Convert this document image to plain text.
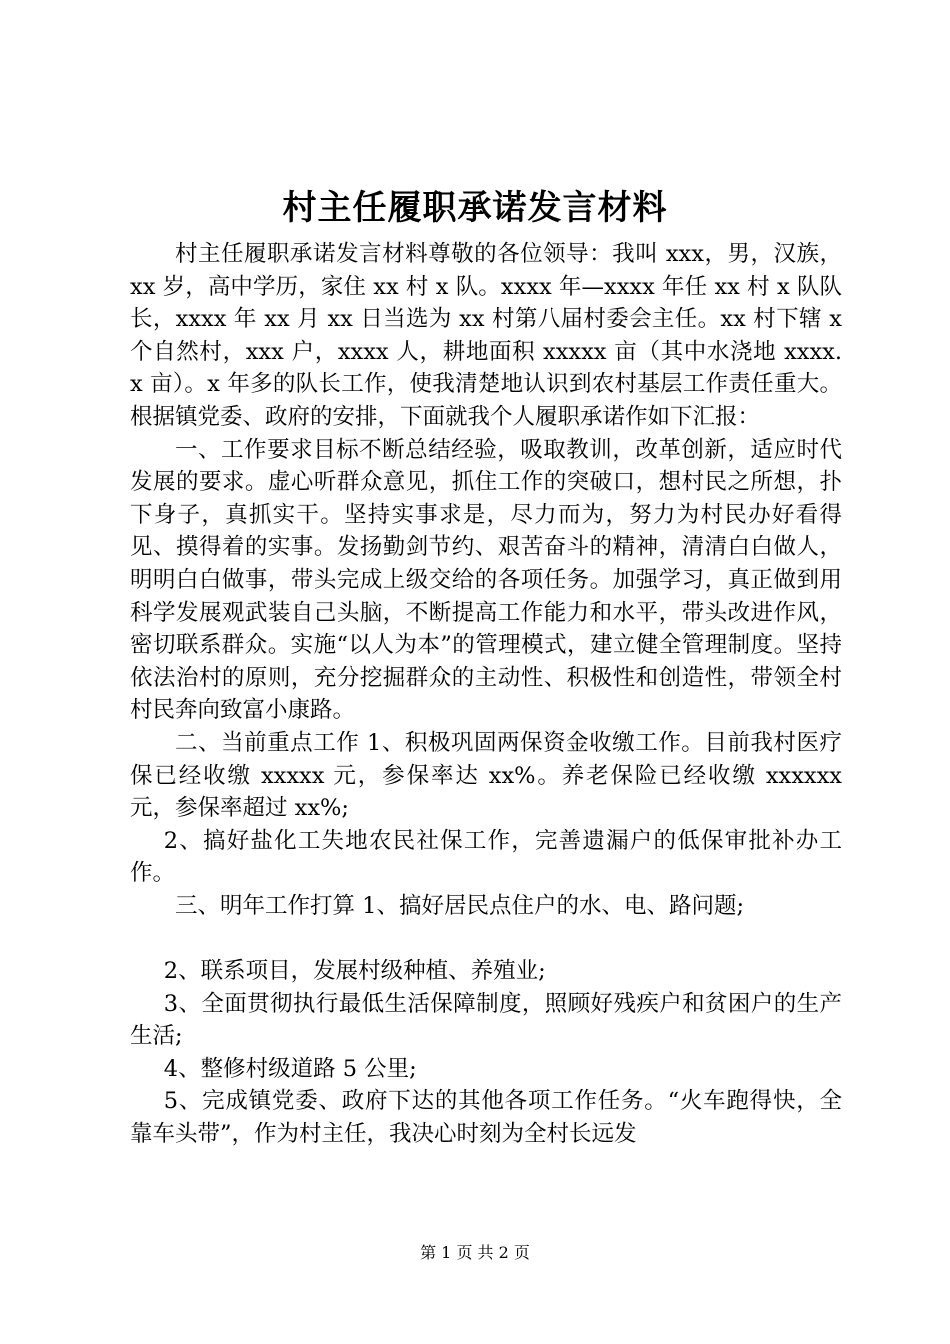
村主任履职承诺发言材料

村主任履职承诺发言材料尊敬的各位领导：我叫 xxx，男，汉族，xx 岁，高中学历，家住 xx 村 x 队。xxxx 年—xxxx 年任 xx 村 x 队队长，xxxx 年 xx 月 xx 日当选为 xx 村第八届村委会主任。xx 村下辖 x 个自然村，xxx 户，xxxx 人，耕地面积 xxxxx 亩（其中水浇地 xxxx. x 亩）。x 年多的队长工作，使我清楚地认识到农村基层工作责任重大。根据镇党委、政府的安排，下面就我个人履职承诺作如下汇报：

一、工作要求目标不断总结经验，吸取教训，改革创新，适应时代发展的要求。虚心听群众意见，抓住工作的突破口，想村民之所想，扑下身子，真抓实干。坚持实事求是，尽力而为，努力为村民办好看得见、摸得着的实事。发扬勤剑节约、艰苦奋斗的精神，清清白白做人，明明白白做事，带头完成上级交给的各项任务。加强学习，真正做到用科学发展观武装自己头脑，不断提高工作能力和水平，带头改进作风，密切联系群众。实施“以人为本”的管理模式，建立健全管理制度。坚持依法治村的原则，充分挖掘群众的主动性、积极性和创造性，带领全村村民奔向致富小康路。

二、当前重点工作 1、积极巩固两保资金收缴工作。目前我村医疗保已经收缴 xxxxx 元，参保率达 xx%。养老保险已经收缴 xxxxxx 元，参保率超过 xx%;

2、搞好盐化工失地农民社保工作，完善遗漏户的低保审批补办工作。

三、明年工作打算 1、搞好居民点住户的水、电、路问题;

2、联系项目，发展村级种植、养殖业;

3、全面贯彻执行最低生活保障制度，照顾好残疾户和贫困户的生产生活;

4、整修村级道路 5 公里;

5、完成镇党委、政府下达的其他各项工作任务。“火车跑得快，全靠车头带”，作为村主任，我决心时刻为全村长远发

第 1 页 共 2 页
